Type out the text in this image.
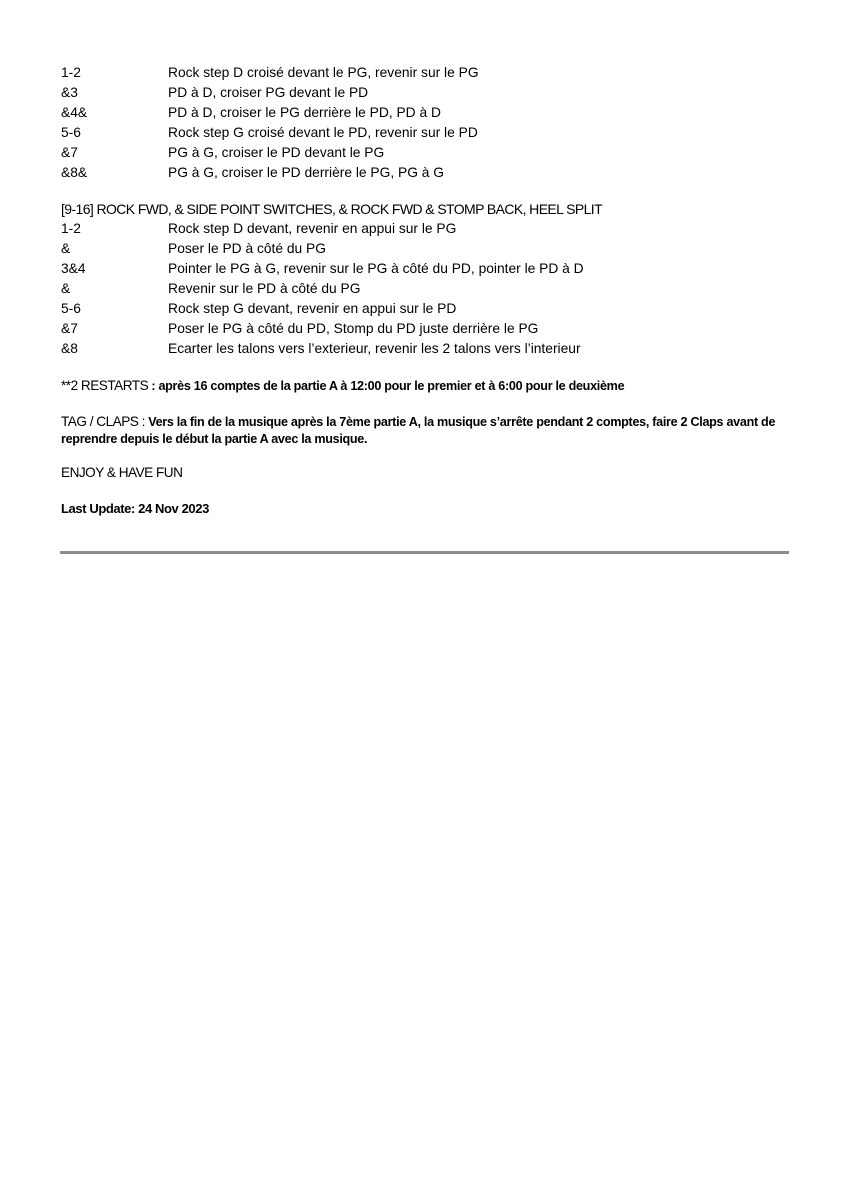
1-2	Rock step D croisé devant le PG, revenir sur le PG
&3	PD à D, croiser PG devant le PD
&4&	PD à D, croiser le PG derrière le PD, PD à D
5-6	Rock step G croisé devant le PD, revenir sur le PD
&7	PG à G, croiser le PD devant le PG
&8&	PG à G, croiser le PD derrière le PG, PG à G
[9-16] ROCK FWD, & SIDE POINT SWITCHES, & ROCK FWD & STOMP BACK, HEEL SPLIT
1-2	Rock step D devant, revenir en appui sur le PG
&	Poser le PD à côté du PG
3&4	Pointer le PG à G, revenir sur le PG à côté du PD, pointer le PD à D
&	Revenir sur le PD à côté du PG
5-6	Rock step G devant, revenir en appui sur le PD
&7	Poser le PG à côté du PD, Stomp du PD juste derrière le PG
&8	Ecarter les talons vers l’exterieur, revenir les 2 talons vers l’interieur
**2 RESTARTS : après 16 comptes de la partie A à 12:00 pour le premier et à 6:00 pour le deuxième
TAG / CLAPS : Vers la fin de la musique après la 7ème partie A, la musique s’arrête pendant 2 comptes, faire 2 Claps avant de reprendre depuis le début la partie A avec la musique.
ENJOY & HAVE FUN
Last Update: 24 Nov 2023
